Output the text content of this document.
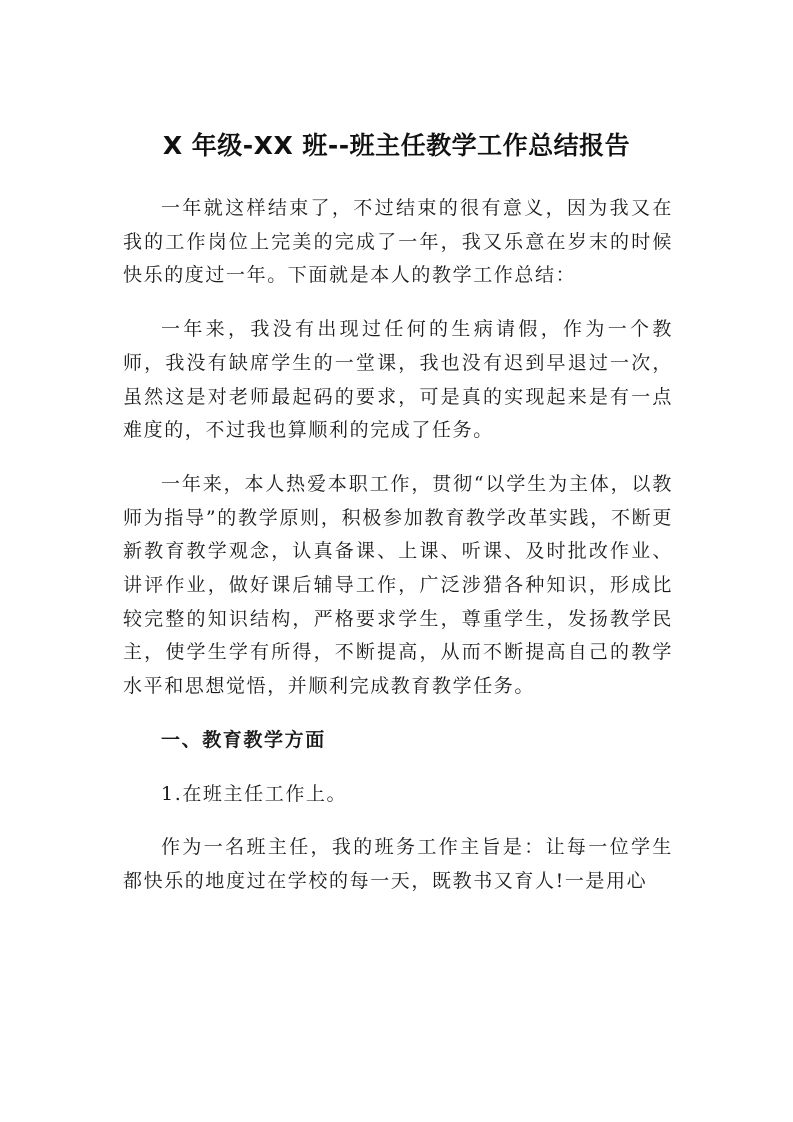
X 年级-XX 班--班主任教学工作总结报告

一年就这样结束了，不过结束的很有意义，因为我又在我的工作岗位上完美的完成了一年，我又乐意在岁末的时候快乐的度过一年。下面就是本人的教学工作总结：

一年来，我没有出现过任何的生病请假，作为一个教师，我没有缺席学生的一堂课，我也没有迟到早退过一次，虽然这是对老师最起码的要求，可是真的实现起来是有一点难度的，不过我也算顺利的完成了任务。

一年来，本人热爱本职工作，贯彻“以学生为主体，以教师为指导”的教学原则，积极参加教育教学改革实践，不断更新教育教学观念，认真备课、上课、听课、及时批改作业、讲评作业，做好课后辅导工作，广泛涉猎各种知识，形成比较完整的知识结构，严格要求学生，尊重学生，发扬教学民主，使学生学有所得，不断提高，从而不断提高自己的教学水平和思想觉悟，并顺利完成教育教学任务。

一、教育教学方面

1.在班主任工作上。

作为一名班主任，我的班务工作主旨是：让每一位学生都快乐的地度过在学校的每一天，既教书又育人!一是用心
